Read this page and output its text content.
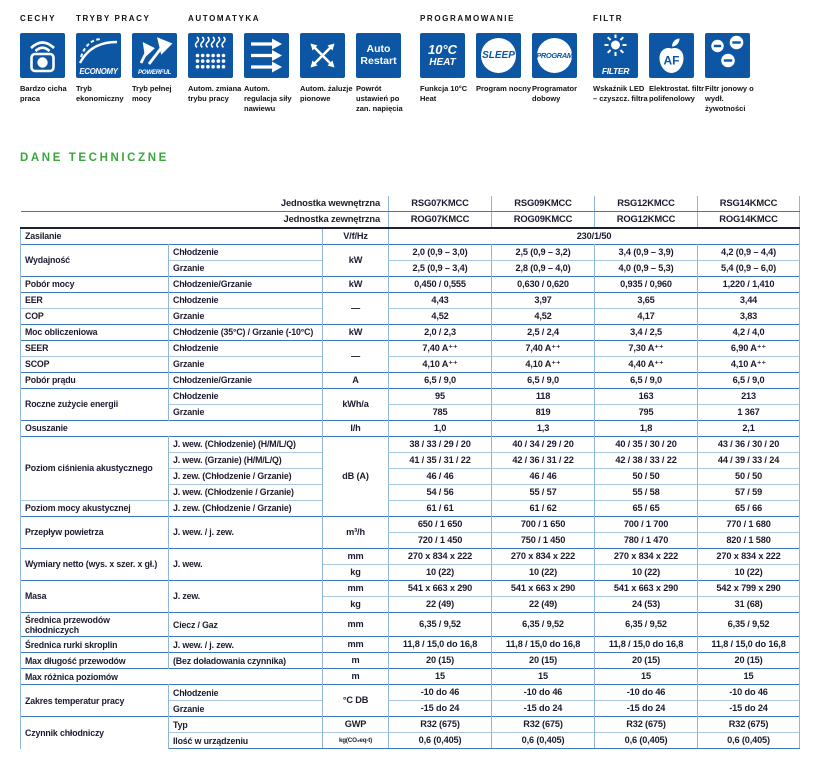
CECHY
Bardzo cicha praca
TRYBY PRACY
ECONOMY
Tryb ekonomiczny
POWERFUL
Tryb pełnej mocy
AUTOMATYKA
Autom. zmiana trybu pracy
Autom. regulacja siły nawiewu
Autom. żaluzje pionowe
Auto
Restart
Powrót ustawień po zan. napięcia
PROGRAMOWANIE
10°C
HEAT
Funkcja 10°C Heat
SLEEP
Program nocny
PROGRAM
Programator dobowy
FILTR
FILTER
Wskaźnik LED – czyszcz. filtra
AF
Elektrostat. filtr polifenolowy
Filtr jonowy o wydł. żywotności
DANE TECHNICZNE
Jednostka wewnętrzna			RSG07KMCC	RSG09KMCC	RSG12KMCC	RSG14KMCC
Jednostka zewnętrzna			ROG07KMCC	ROG09KMCC	ROG12KMCC	ROG14KMCC
Zasilanie		V/f/Hz	230/1/50			
Wydajność	Chłodzenie	kW	2,0 (0,9 – 3,0)	2,5 (0,9 – 3,2)	3,4 (0,9 – 3,9)	4,2 (0,9 – 4,4)
	Grzanie		2,5 (0,9 – 3,4)	2,8 (0,9 – 4,0)	4,0 (0,9 – 5,3)	5,4 (0,9 – 6,0)
Pobór mocy	Chłodzenie/Grzanie	kW	0,450 / 0,555	0,630 / 0,620	0,935 / 0,960	1,220 / 1,410
EER	Chłodzenie	—	4,43	3,97	3,65	3,44
COP	Grzanie		4,52	4,52	4,17	3,83
Moc obliczeniowa	Chłodzenie (35°C) / Grzanie (-10°C)	kW	2,0 / 2,3	2,5 / 2,4	3,4 / 2,5	4,2 / 4,0
SEER	Chłodzenie	—	7,40 A⁺⁺	7,40 A⁺⁺	7,30 A⁺⁺	6,90 A⁺⁺
SCOP	Grzanie		4,10 A⁺⁺	4,10 A⁺⁺	4,40 A⁺⁺	4,10 A⁺⁺
Pobór prądu	Chłodzenie/Grzanie	A	6,5 / 9,0	6,5 / 9,0	6,5 / 9,0	6,5 / 9,0
Roczne zużycie energii	Chłodzenie	kWh/a	95	118	163	213
	Grzanie		785	819	795	1 367
Osuszanie		l/h	1,0	1,3	1,8	2,1
Poziom ciśnienia akustycznego	J. wew. (Chłodzenie) (H/M/L/Q)	dB (A)	38 / 33 / 29 / 20	40 / 34 / 29 / 20	40 / 35 / 30 / 20	43 / 36 / 30 / 20
	J. wew. (Grzanie) (H/M/L/Q)		41 / 35 / 31 / 22	42 / 36 / 31 / 22	42 / 38 / 33 / 22	44 / 39 / 33 / 24
	J. zew. (Chłodzenie / Grzanie)		46 / 46	46 / 46	50 / 50	50 / 50
	J. wew. (Chłodzenie / Grzanie)		54 / 56	55 / 57	55 / 58	57 / 59
Poziom mocy akustycznej	J. zew. (Chłodzenie / Grzanie)		61 / 61	61 / 62	65 / 65	65 / 66
Przepływ powietrza	J. wew. / j. zew.	m³/h	650 / 1 650	700 / 1 650	700 / 1 700	770 / 1 680
			720 / 1 450	750 / 1 450	780 / 1 470	820 / 1 580
Wymiary netto (wys. x szer. x gł.)	J. wew.	mm	270 x 834 x 222	270 x 834 x 222	270 x 834 x 222	270 x 834 x 222
		kg	10 (22)	10 (22)	10 (22)	10 (22)
Masa	J. zew.	mm	541 x 663 x 290	541 x 663 x 290	541 x 663 x 290	542 x 799 x 290
		kg	22 (49)	22 (49)	24 (53)	31 (68)
Średnica przewodów chłodniczych	Ciecz / Gaz	mm	6,35 / 9,52	6,35 / 9,52	6,35 / 9,52	6,35 / 9,52
Średnica rurki skroplin	J. wew. / j. zew.	mm	11,8 / 15,0 do 16,8	11,8 / 15,0 do 16,8	11,8 / 15,0 do 16,8	11,8 / 15,0 do 16,8
Max długość przewodów	(Bez doładowania czynnika)	m	20 (15)	20 (15)	20 (15)	20 (15)
Max różnica poziomów		m	15	15	15	15
Zakres temperatur pracy	Chłodzenie	°C DB	-10 do 46	-10 do 46	-10 do 46	-10 do 46
	Grzanie		-15 do 24	-15 do 24	-15 do 24	-15 do 24
Czynnik chłodniczy	Typ	GWP	R32 (675)	R32 (675)	R32 (675)	R32 (675)
	Ilość w urządzeniu	kg(CO₂eq-t)	0,6 (0,405)	0,6 (0,405)	0,6 (0,405)	0,6 (0,405)
